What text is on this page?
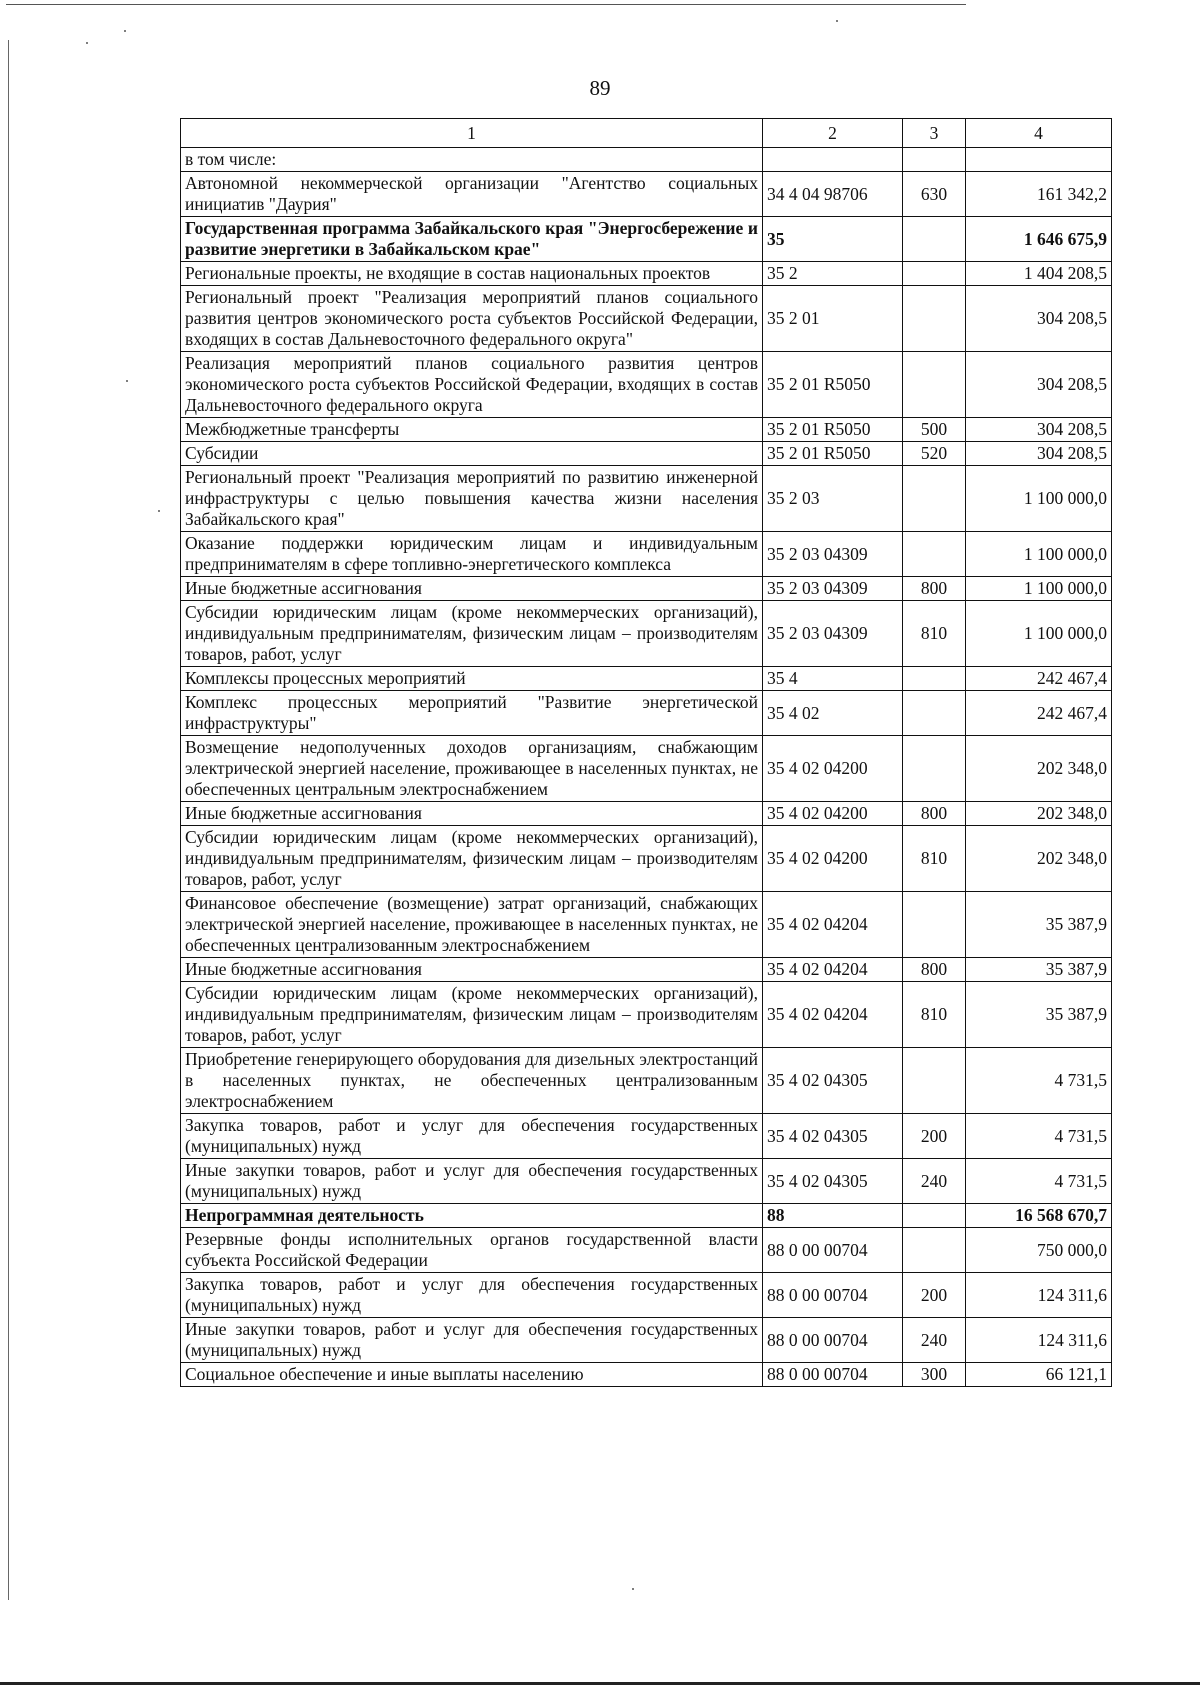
89
1	2	3	4
в том числе:			
Автономной некоммерческой организации "Агентство социальных инициатив "Даурия"	34 4 04 98706	630	161 342,2
Государственная программа Забайкальского края "Энергосбережение и развитие энергетики в Забайкальском крае"	35		1 646 675,9
Региональные проекты, не входящие в состав национальных проектов	35 2		1 404 208,5
Региональный проект "Реализация мероприятий планов социального развития центров экономического роста субъектов Российской Федерации, входящих в состав Дальневосточного федерального округа"	35 2 01		304 208,5
Реализация мероприятий планов социального развития центров экономического роста субъектов Российской Федерации, входящих в состав Дальневосточного федерального округа	35 2 01 R5050		304 208,5
Межбюджетные трансферты	35 2 01 R5050	500	304 208,5
Субсидии	35 2 01 R5050	520	304 208,5
Региональный проект "Реализация мероприятий по развитию инженерной инфраструктуры с целью повышения качества жизни населения Забайкальского края"	35 2 03		1 100 000,0
Оказание поддержки юридическим лицам и индивидуальным предпринимателям в сфере топливно-энергетического комплекса	35 2 03 04309		1 100 000,0
Иные бюджетные ассигнования	35 2 03 04309	800	1 100 000,0
Субсидии юридическим лицам (кроме некоммерческих организаций), индивидуальным предпринимателям, физическим лицам – производителям товаров, работ, услуг	35 2 03 04309	810	1 100 000,0
Комплексы процессных мероприятий	35 4		242 467,4
Комплекс процессных мероприятий "Развитие энергетической инфраструктуры"	35 4 02		242 467,4
Возмещение недополученных доходов организациям, снабжающим электрической энергией население, проживающее в населенных пунктах, не обеспеченных центральным электроснабжением	35 4 02 04200		202 348,0
Иные бюджетные ассигнования	35 4 02 04200	800	202 348,0
Субсидии юридическим лицам (кроме некоммерческих организаций), индивидуальным предпринимателям, физическим лицам – производителям товаров, работ, услуг	35 4 02 04200	810	202 348,0
Финансовое обеспечение (возмещение) затрат организаций, снабжающих электрической энергией население, проживающее в населенных пунктах, не обеспеченных централизованным электроснабжением	35 4 02 04204		35 387,9
Иные бюджетные ассигнования	35 4 02 04204	800	35 387,9
Субсидии юридическим лицам (кроме некоммерческих организаций), индивидуальным предпринимателям, физическим лицам – производителям товаров, работ, услуг	35 4 02 04204	810	35 387,9
Приобретение генерирующего оборудования для дизельных электростанций в населенных пунктах, не обеспеченных централизованным электроснабжением	35 4 02 04305		4 731,5
Закупка товаров, работ и услуг для обеспечения государственных (муниципальных) нужд	35 4 02 04305	200	4 731,5
Иные закупки товаров, работ и услуг для обеспечения государственных (муниципальных) нужд	35 4 02 04305	240	4 731,5
Непрограммная деятельность	88		16 568 670,7
Резервные фонды исполнительных органов государственной власти субъекта Российской Федерации	88 0 00 00704		750 000,0
Закупка товаров, работ и услуг для обеспечения государственных (муниципальных) нужд	88 0 00 00704	200	124 311,6
Иные закупки товаров, работ и услуг для обеспечения государственных (муниципальных) нужд	88 0 00 00704	240	124 311,6
Социальное обеспечение и иные выплаты населению	88 0 00 00704	300	66 121,1
